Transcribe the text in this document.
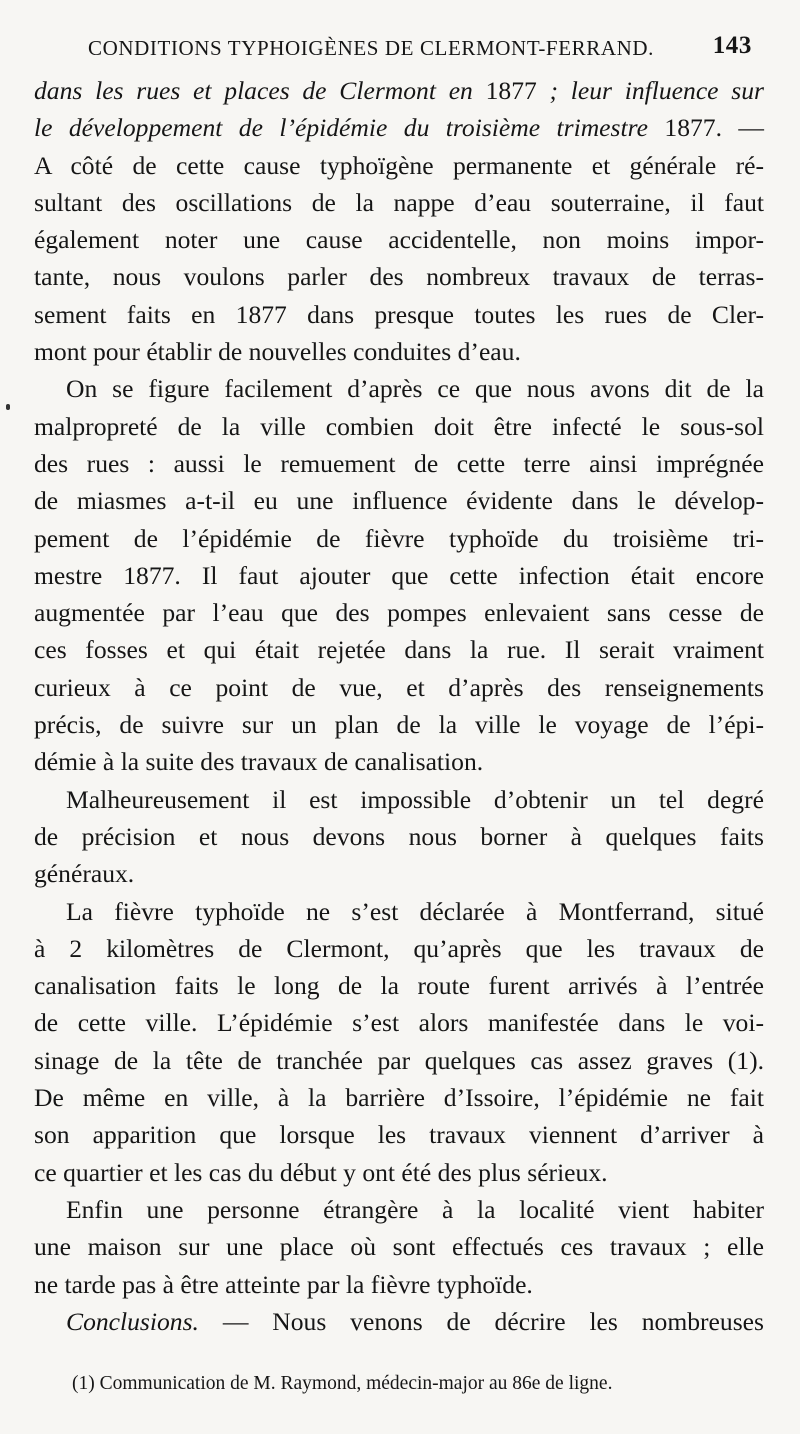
CONDITIONS TYPHOIGÈNES DE CLERMONT-FERRAND. 143
dans les rues et places de Clermont en 1877 ; leur influence sur
le développement de l’épidémie du troisième trimestre 1877. —
A côté de cette cause typhoïgène permanente et générale ré-
sultant des oscillations de la nappe d’eau souterraine, il faut
également noter une cause accidentelle, non moins impor-
tante, nous voulons parler des nombreux travaux de terras-
sement faits en 1877 dans presque toutes les rues de Cler-
mont pour établir de nouvelles conduites d’eau.
On se figure facilement d’après ce que nous avons dit de la
malpropreté de la ville combien doit être infecté le sous-sol
des rues : aussi le remuement de cette terre ainsi imprégnée
de miasmes a-t-il eu une influence évidente dans le dévelop-
pement de l’épidémie de fièvre typhoïde du troisième tri-
mestre 1877. Il faut ajouter que cette infection était encore
augmentée par l’eau que des pompes enlevaient sans cesse de
ces fosses et qui était rejetée dans la rue. Il serait vraiment
curieux à ce point de vue, et d’après des renseignements
précis, de suivre sur un plan de la ville le voyage de l’épi-
démie à la suite des travaux de canalisation.
Malheureusement il est impossible d’obtenir un tel degré
de précision et nous devons nous borner à quelques faits
généraux.
La fièvre typhoïde ne s’est déclarée à Montferrand, situé
à 2 kilomètres de Clermont, qu’après que les travaux de
canalisation faits le long de la route furent arrivés à l’entrée
de cette ville. L’épidémie s’est alors manifestée dans le voi-
sinage de la tête de tranchée par quelques cas assez graves (1).
De même en ville, à la barrière d’Issoire, l’épidémie ne fait
son apparition que lorsque les travaux viennent d’arriver à
ce quartier et les cas du début y ont été des plus sérieux.
Enfin une personne étrangère à la localité vient habiter
une maison sur une place où sont effectués ces travaux ; elle
ne tarde pas à être atteinte par la fièvre typhoïde.
Conclusions. — Nous venons de décrire les nombreuses
(1) Communication de M. Raymond, médecin-major au 86e de ligne.
